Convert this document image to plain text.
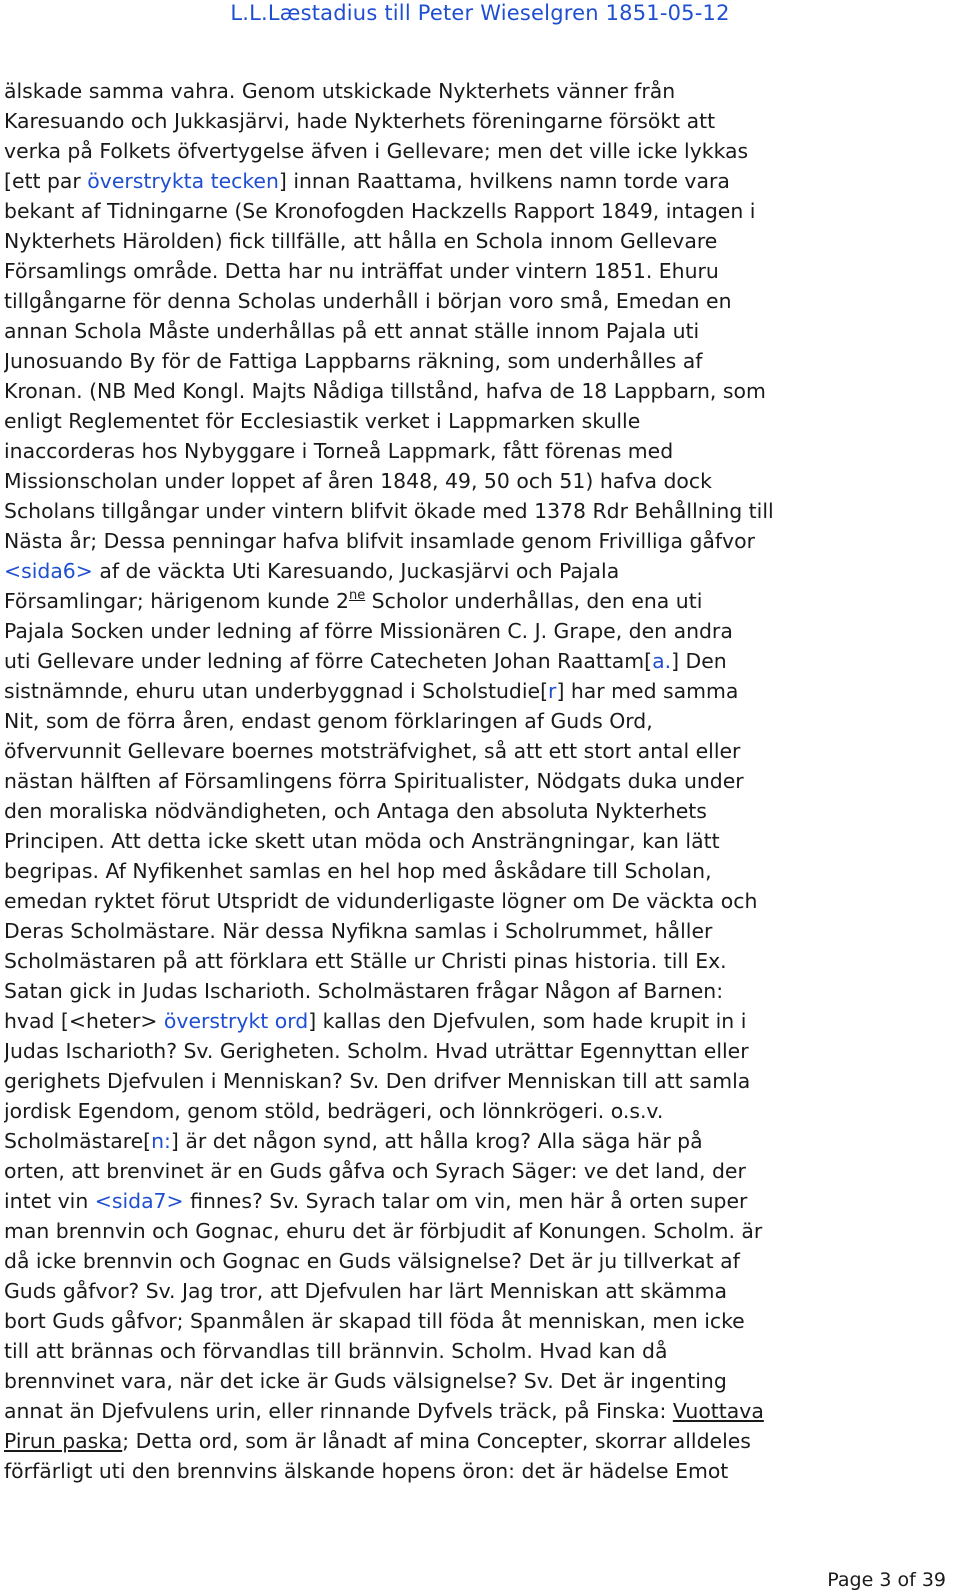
L.L.Læstadius till Peter Wieselgren 1851-05-12
älskade samma vahra. Genom utskickade Nykterhets vänner från
Karesuando och Jukkasjärvi, hade Nykterhets föreningarne försökt att
verka på Folkets öfvertygelse äfven i Gellevare; men det ville icke lykkas
[ett par överstrykta tecken] innan Raattama, hvilkens namn torde vara
bekant af Tidningarne (Se Kronofogden Hackzells Rapport 1849, intagen i
Nykterhets Härolden) fick tillfälle, att hålla en Schola innom Gellevare
Församlings område. Detta har nu inträffat under vintern 1851. Ehuru
tillgångarne för denna Scholas underhåll i början voro små, Emedan en
annan Schola Måste underhållas på ett annat ställe innom Pajala uti
Junosuando By för de Fattiga Lappbarns räkning, som underhålles af
Kronan. (NB Med Kongl. Majts Nådiga tillstånd, hafva de 18 Lappbarn, som
enligt Reglementet för Ecclesiastik verket i Lappmarken skulle
inaccorderas hos Nybyggare i Torneå Lappmark, fått förenas med
Missionscholan under loppet af åren 1848, 49, 50 och 51) hafva dock
Scholans tillgångar under vintern blifvit ökade med 1378 Rdr Behållning till
Nästa år; Dessa penningar hafva blifvit insamlade genom Frivilliga gåfvor
<sida6> af de väckta Uti Karesuando, Juckasjärvi och Pajala
Församlingar; härigenom kunde $2^{ne}$ Scholor underhållas, den ena uti
Pajala Socken under ledning af förre Missionären C. J. Grape, den andra
uti Gellevare under ledning af förre Catecheten Johan Raattam[a.] Den
sistnämnde, ehuru utan underbyggnad i Scholstudie[r] har med samma
Nit, som de förra åren, endast genom förklaringen af Guds Ord,
öfvervunnit Gellevare boernes motsträfvighet, så att ett stort antal eller
nästan hälften af Församlingens förra Spiritualister, Nödgats duka under
den moraliska nödvändigheten, och Antaga den absoluta Nykterhets
Principen. Att detta icke skett utan möda och Ansträngningar, kan lätt
begripas. Af Nyfikenhet samlas en hel hop med åskådare till Scholan,
emedan ryktet förut Utspridt de vidunderligaste lögner om De väckta och
Deras Scholmästare. När dessa Nyfikna samlas i Scholrummet, håller
Scholmästaren på att förklara ett Ställe ur Christi pinas historia. till Ex.
Satan gick in Judas Ischarioth. Scholmästaren frågar Någon af Barnen:
hvad [<heter> överstrykt ord] kallas den Djefvulen, som hade krupit in i
Judas Ischarioth? Sv. Gerigheten. Scholm. Hvad uträttar Egennyttan eller
gerighets Djefvulen i Menniskan? Sv. Den drifver Menniskan till att samla
jordisk Egendom, genom stöld, bedrägeri, och lönnkrögeri. o.s.v.
Scholmästare[n:] är det någon synd, att hålla krog? Alla säga här på
orten, att brenvinet är en Guds gåfva och Syrach Säger: ve det land, der
intet vin <sida7> finnes? Sv. Syrach talar om vin, men här å orten super
man brennvin och Gognac, ehuru det är förbjudit af Konungen. Scholm. är
då icke brennvin och Gognac en Guds välsignelse? Det är ju tillverkat af
Guds gåfvor? Sv. Jag tror, att Djefvulen har lärt Menniskan att skämma
bort Guds gåfvor; Spanmålen är skapad till föda åt menniskan, men icke
till att brännas och förvandlas till brännvin. Scholm. Hvad kan då
brennvinet vara, när det icke är Guds välsignelse? Sv. Det är ingenting
annat än Djefvulens urin, eller rinnande Dyfvels träck, på Finska: Vuottava
Pirun paska; Detta ord, som är lånadt af mina Concepter, skorrar alldeles
förfärligt uti den brennvins älskande hopens öron: det är hädelse Emot
Page 3 of 39
